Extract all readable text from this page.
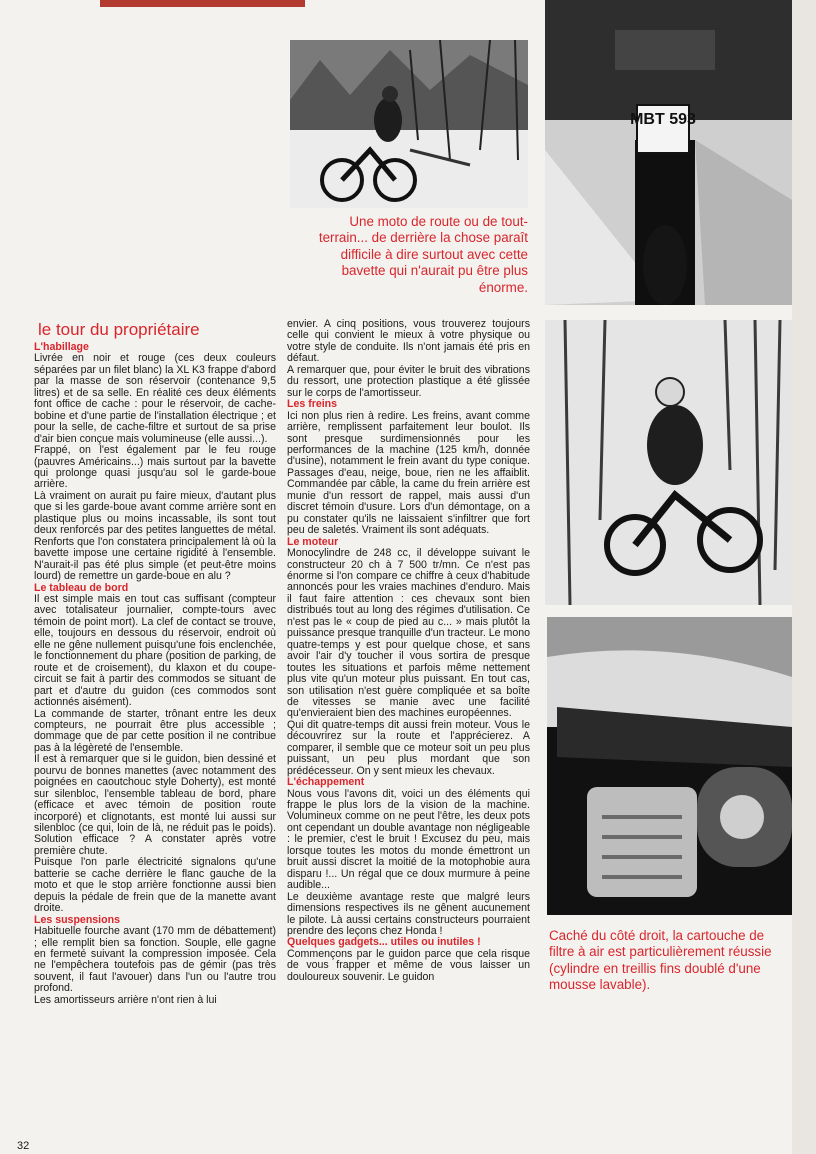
MBT 593
Une moto de route ou de tout-terrain... de derrière la chose paraît difficile à dire surtout avec cette bavette qui n'aurait pu être plus énorme.
Caché du côté droit, la cartouche de filtre à air est particulièrement réussie (cylindre en treillis fins doublé d'une mousse lavable).
le tour du propriétaire

L'habillage

Livrée en noir et rouge (ces deux couleurs séparées par un filet blanc) la XL K3 frappe d'abord par la masse de son réservoir (contenance 9,5 litres) et de sa selle. En réalité ces deux éléments font office de cache : pour le réservoir, de cache-bobine et d'une partie de l'installation électrique ; et pour la selle, de cache-filtre et surtout de sa prise d'air bien conçue mais volumineuse (elle aussi...).

Frappé, on l'est également par le feu rouge (pauvres Américains...) mais surtout par la bavette qui prolonge quasi jusqu'au sol le garde-boue arrière.

Là vraiment on aurait pu faire mieux, d'autant plus que si les garde-boue avant comme arrière sont en plastique plus ou moins incassable, ils sont tout deux renforcés par des petites languettes de métal. Renforts que l'on constatera principalement là où la bavette impose une certaine rigidité à l'ensemble. N'aurait-il pas été plus simple (et peut-être moins lourd) de remettre un garde-boue en alu ?

Le tableau de bord

Il est simple mais en tout cas suffisant (compteur avec totalisateur journalier, compte-tours avec témoin de point mort). La clef de contact se trouve, elle, toujours en dessous du réservoir, endroit où elle ne gêne nullement puisqu'une fois enclenchée, le fonctionnement du phare (position de parking, de route et de croisement), du klaxon et du coupe-circuit se fait à partir des commodos se situant de part et d'autre du guidon (ces commodos sont actionnés aisément).

La commande de starter, trônant entre les deux compteurs, ne pourrait être plus accessible ; dommage que de par cette position il ne contribue pas à la légèreté de l'ensemble.

Il est à remarquer que si le guidon, bien dessiné et pourvu de bonnes manettes (avec notamment des poignées en caoutchouc style Doherty), est monté sur silenbloc, l'ensemble tableau de bord, phare (efficace et avec témoin de position route incorporé) et clignotants, est monté lui aussi sur silenbloc (ce qui, loin de là, ne réduit pas le poids). Solution efficace ? A constater après votre première chute.

Puisque l'on parle électricité signalons qu'une batterie se cache derrière le flanc gauche de la moto et que le stop arrière fonctionne aussi bien depuis la pédale de frein que de la manette avant droite.

Les suspensions

Habituelle fourche avant (170 mm de débattement) ; elle remplit bien sa fonction. Souple, elle gagne en fermeté suivant la compression imposée. Cela ne l'empêchera toutefois pas de gémir (pas très souvent, il faut l'avouer) dans l'un ou l'autre trou profond.

Les amortisseurs arrière n'ont rien à lui

envier. A cinq positions, vous trouverez toujours celle qui convient le mieux à votre physique ou votre style de conduite. Ils n'ont jamais été pris en défaut.

A remarquer que, pour éviter le bruit des vibrations du ressort, une protection plastique a été glissée sur le corps de l'amortisseur.

Les freins

Ici non plus rien à redire. Les freins, avant comme arrière, remplissent parfaitement leur boulot. Ils sont presque surdimensionnés pour les performances de la machine (125 km/h, donnée d'usine), notamment le frein avant du type conique. Passages d'eau, neige, boue, rien ne les affaiblit. Commandée par câble, la came du frein arrière est munie d'un ressort de rappel, mais aussi d'un discret témoin d'usure. Lors d'un démontage, on a pu constater qu'ils ne laissaient s'infiltrer que fort peu de saletés. Vraiment ils sont adéquats.

Le moteur

Monocylindre de 248 cc, il développe suivant le constructeur 20 ch à 7 500 tr/mn. Ce n'est pas énorme si l'on compare ce chiffre à ceux d'habitude annoncés pour les vraies machines d'enduro. Mais il faut faire attention : ces chevaux sont bien distribués tout au long des régimes d'utilisation. Ce n'est pas le « coup de pied au c... » mais plutôt la puissance presque tranquille d'un tracteur. Le mono quatre-temps y est pour quelque chose, et sans avoir l'air d'y toucher il vous sortira de presque toutes les situations et parfois même nettement plus vite qu'un moteur plus puissant. En tout cas, son utilisation n'est guère compliquée et sa boîte de vitesses se manie avec une facilité qu'envieraient bien des machines européennes.

Qui dit quatre-temps dit aussi frein moteur. Vous le découvrirez sur la route et l'apprécierez. A comparer, il semble que ce moteur soit un peu plus puissant, un peu plus mordant que son prédécesseur. On y sent mieux les chevaux.

L'échappement

Nous vous l'avons dit, voici un des éléments qui frappe le plus lors de la vision de la machine. Volumineux comme on ne peut l'être, les deux pots ont cependant un double avantage non négligeable : le premier, c'est le bruit ! Excusez du peu, mais lorsque toutes les motos du monde émettront un bruit aussi discret la moitié de la motophobie aura disparu !... Un régal que ce doux murmure à peine audible...

Le deuxième avantage reste que malgré leurs dimensions respectives ils ne gênent aucunement le pilote. Là aussi certains constructeurs pourraient prendre des leçons chez Honda !

Quelques gadgets... utiles ou inutiles !

Commençons par le guidon parce que cela risque de vous frapper et même de vous laisser un douloureux souvenir. Le guidon

32
